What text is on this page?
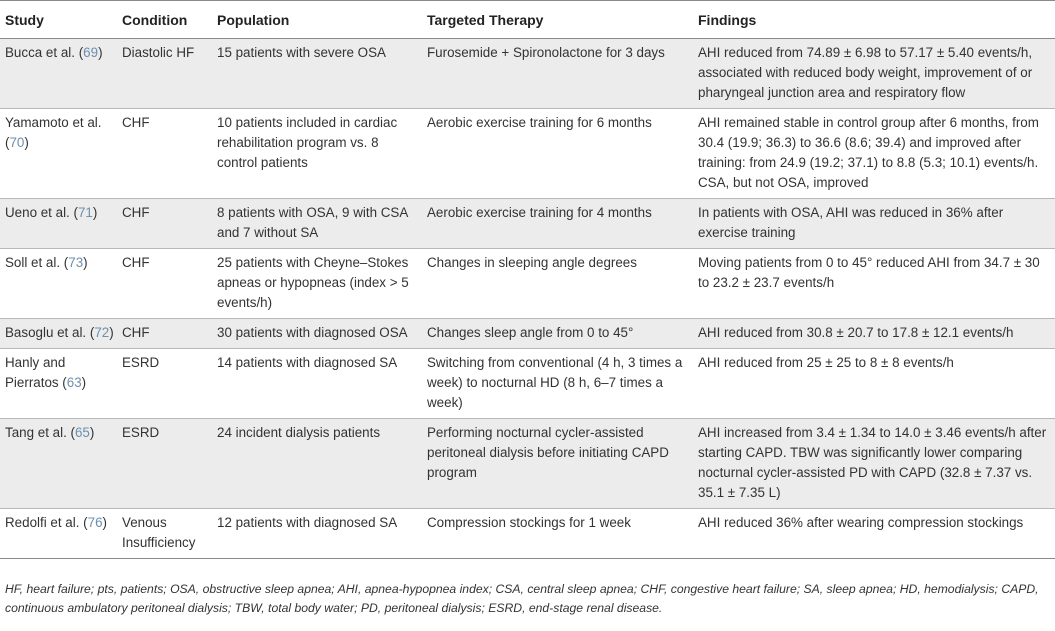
Study	Condition	Population	Targeted Therapy	Findings
Bucca et al. (69)	Diastolic HF	15 patients with severe OSA	Furosemide + Spironolactone for 3 days	AHI reduced from 74.89 ± 6.98 to 57.17 ± 5.40 events/h, associated with reduced body weight, improvement of or pharyngeal junction area and respiratory flow
Yamamoto et al. (70)	CHF	10 patients included in cardiac rehabilitation program vs. 8 control patients	Aerobic exercise training for 6 months	AHI remained stable in control group after 6 months, from 30.4 (19.9; 36.3) to 36.6 (8.6; 39.4) and improved after training: from 24.9 (19.2; 37.1) to 8.8 (5.3; 10.1) events/h. CSA, but not OSA, improved
Ueno et al. (71)	CHF	8 patients with OSA, 9 with CSA and 7 without SA	Aerobic exercise training for 4 months	In patients with OSA, AHI was reduced in 36% after exercise training
Soll et al. (73)	CHF	25 patients with Cheyne–Stokes apneas or hypopneas (index > 5 events/h)	Changes in sleeping angle degrees	Moving patients from 0 to 45° reduced AHI from 34.7 ± 30 to 23.2 ± 23.7 events/h
Basoglu et al. (72)	CHF	30 patients with diagnosed OSA	Changes sleep angle from 0 to 45°	AHI reduced from 30.8 ± 20.7 to 17.8 ± 12.1 events/h
Hanly and Pierratos (63)	ESRD	14 patients with diagnosed SA	Switching from conventional (4 h, 3 times a week) to nocturnal HD (8 h, 6–7 times a week)	AHI reduced from 25 ± 25 to 8 ± 8 events/h
Tang et al. (65)	ESRD	24 incident dialysis patients	Performing nocturnal cycler-assisted peritoneal dialysis before initiating CAPD program	AHI increased from 3.4 ± 1.34 to 14.0 ± 3.46 events/h after starting CAPD. TBW was significantly lower comparing nocturnal cycler-assisted PD with CAPD (32.8 ± 7.37 vs. 35.1 ± 7.35 L)
Redolfi et al. (76)	Venous Insufficiency	12 patients with diagnosed SA	Compression stockings for 1 week	AHI reduced 36% after wearing compression stockings
HF, heart failure; pts, patients; OSA, obstructive sleep apnea; AHI, apnea-hypopnea index; CSA, central sleep apnea; CHF, congestive heart failure; SA, sleep apnea; HD, hemodialysis; CAPD, continuous ambulatory peritoneal dialysis; TBW, total body water; PD, peritoneal dialysis; ESRD, end-stage renal disease.
